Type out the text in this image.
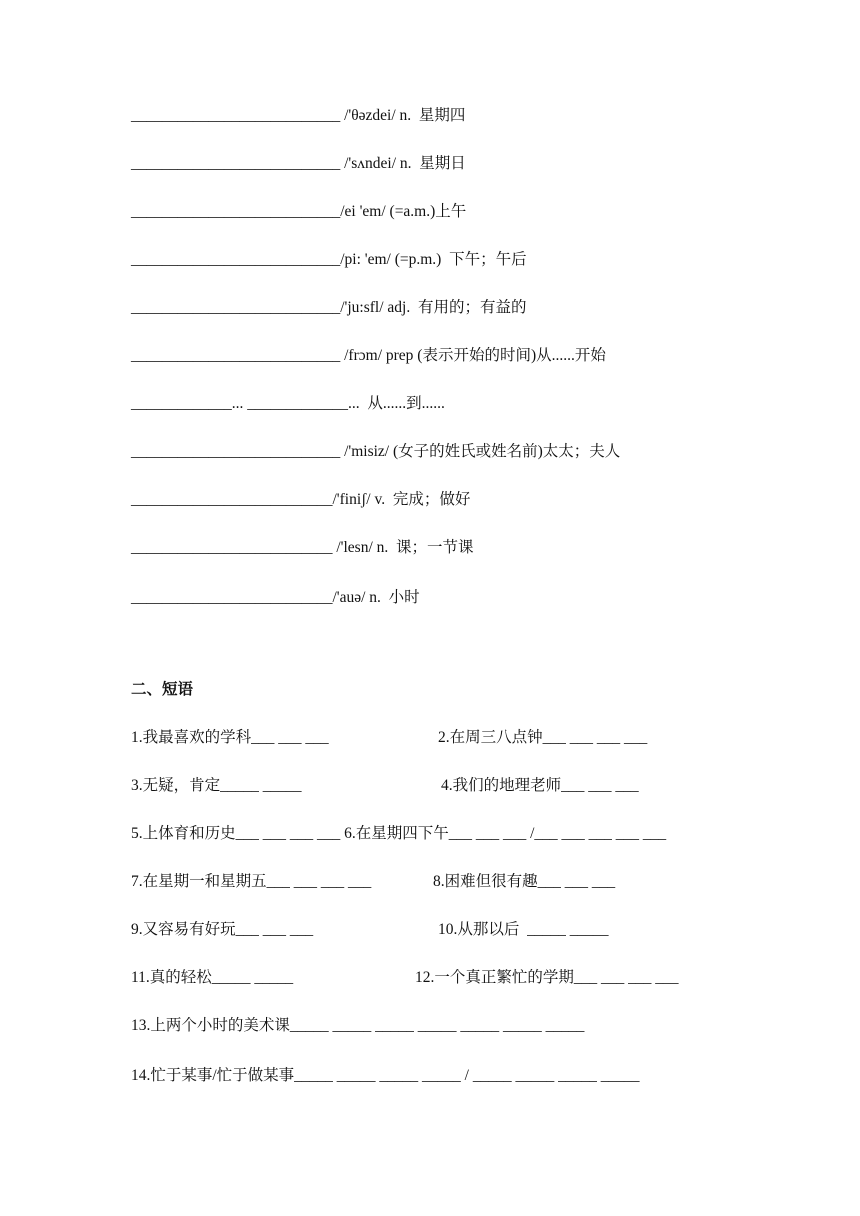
___________________________ /'θəzdei/ n.  星期四
___________________________ /'sʌndei/ n.  星期日
___________________________/ei 'em/ (=a.m.)上午
___________________________/pi: 'em/ (=p.m.)  下午；午后
___________________________/'ju:sfl/ adj.  有用的；有益的
___________________________ /frɔm/ prep (表示开始的时间)从......开始
_____________... _____________...  从......到......
___________________________ /'misiz/ (女子的姓氏或姓名前)太太；夫人
__________________________/'finiʃ/ v.  完成；做好
__________________________ /'lesn/ n.  课；一节课
__________________________/'auə/ n.  小时
二、短语
1.我最喜欢的学科___ ___ ___	2.在周三八点钟___ ___ ___ ___
3.无疑，肯定_____ _____	4.我们的地理老师___ ___ ___
5.上体育和历史___ ___ ___ ___ 6.在星期四下午___ ___ ___ /___ ___ ___ ___ ___
7.在星期一和星期五___ ___ ___ ___	8.困难但很有趣___ ___ ___
9.又容易有好玩___ ___ ___	10.从那以后  _____ _____
11.真的轻松_____ _____	12.一个真正繁忙的学期___ ___ ___ ___
13.上两个小时的美术课_____ _____ _____ _____ _____ _____ _____
14.忙于某事/忙于做某事_____ _____ _____ _____ / _____ _____ _____ _____
